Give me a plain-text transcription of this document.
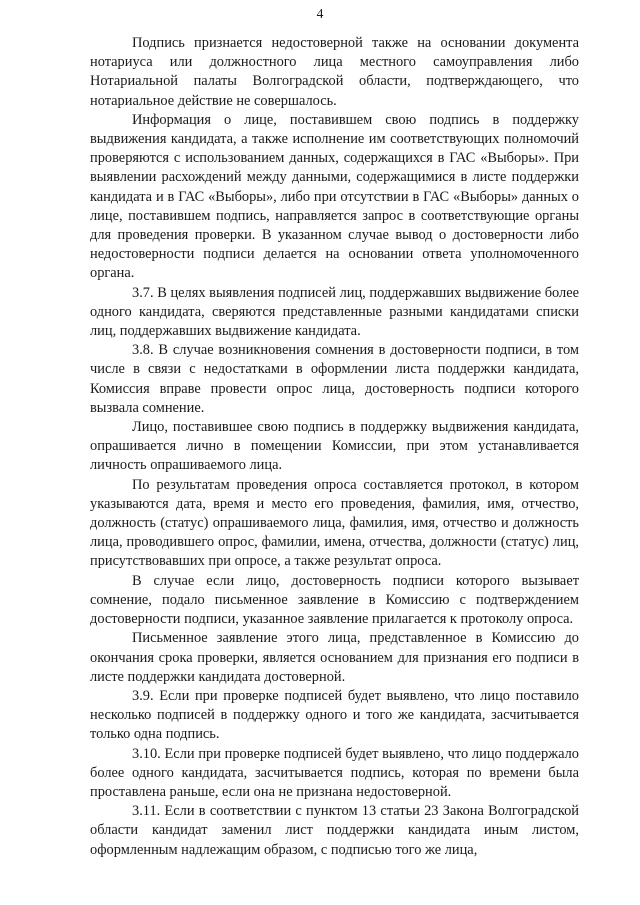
4

Подпись признается недостоверной также на основании документа нотариуса или должностного лица местного самоуправления либо Нотариальной палаты Волгоградской области, подтверждающего, что нотариальное действие не совершалось.

Информация о лице, поставившем свою подпись в поддержку выдвижения кандидата, а также исполнение им соответствующих полномочий проверяются с использованием данных, содержащихся в ГАС «Выборы». При выявлении расхождений между данными, содержащимися в листе поддержки кандидата и в ГАС «Выборы», либо при отсутствии в ГАС «Выборы» данных о лице, поставившем подпись, направляется запрос в соответствующие органы для проведения проверки. В указанном случае вывод о достоверности либо недостоверности подписи делается на основании ответа уполномоченного органа.

3.7. В целях выявления подписей лиц, поддержавших выдвижение более одного кандидата, сверяются представленные разными кандидатами списки лиц, поддержавших выдвижение кандидата.

3.8. В случае возникновения сомнения в достоверности подписи, в том числе в связи с недостатками в оформлении листа поддержки кандидата, Комиссия вправе провести опрос лица, достоверность подписи которого вызвала сомнение.

Лицо, поставившее свою подпись в поддержку выдвижения кандидата, опрашивается лично в помещении Комиссии, при этом устанавливается личность опрашиваемого лица.

По результатам проведения опроса составляется протокол, в котором указываются дата, время и место его проведения, фамилия, имя, отчество, должность (статус) опрашиваемого лица, фамилия, имя, отчество и должность лица, проводившего опрос, фамилии, имена, отчества, должности (статус) лиц, присутствовавших при опросе, а также результат опроса.

В случае если лицо, достоверность подписи которого вызывает сомнение, подало письменное заявление в Комиссию с подтверждением достоверности подписи, указанное заявление прилагается к протоколу опроса.

Письменное заявление этого лица, представленное в Комиссию до окончания срока проверки, является основанием для признания его подписи в листе поддержки кандидата достоверной.

3.9. Если при проверке подписей будет выявлено, что лицо поставило несколько подписей в поддержку одного и того же кандидата, засчитывается только одна подпись.

3.10. Если при проверке подписей будет выявлено, что лицо поддержало более одного кандидата, засчитывается подпись, которая по времени была проставлена раньше, если она не признана недостоверной.

3.11. Если в соответствии с пунктом 13 статьи 23 Закона Волгоградской области кандидат заменил лист поддержки кандидата иным листом, оформленным надлежащим образом, с подписью того же лица,
